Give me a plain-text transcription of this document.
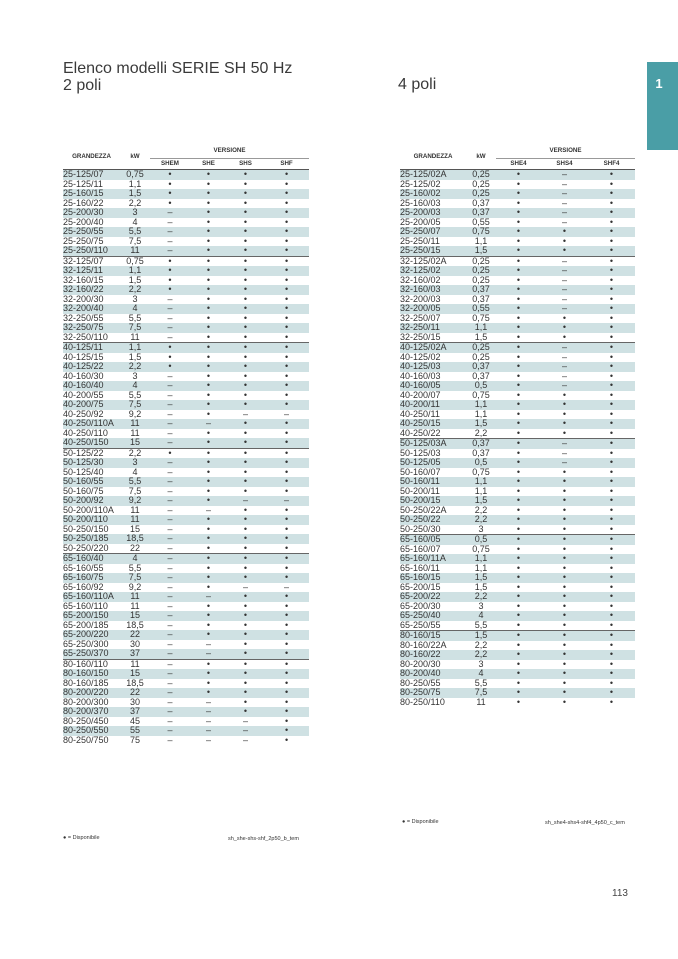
Elenco modelli SERIE SH 50 Hz
2 poli	4 poli	1
GRANDEZZA	kW	VERSIONE			
		SHEM	SHE	SHS	SHF
25-125/07	0,75	•	•	•	•
25-125/11	1,1	•	•	•	•
25-160/15	1,5	•	•	•	•
25-160/22	2,2	•	•	•	•
25-200/30	3	–	•	•	•
25-200/40	4	–	•	•	•
25-250/55	5,5	–	•	•	•
25-250/75	7,5	–	•	•	•
25-250/110	11	–	•	•	•
32-125/07	0,75	•	•	•	•
32-125/11	1,1	•	•	•	•
32-160/15	1,5	•	•	•	•
32-160/22	2,2	•	•	•	•
32-200/30	3	–	•	•	•
32-200/40	4	–	•	•	•
32-250/55	5,5	–	•	•	•
32-250/75	7,5	–	•	•	•
32-250/110	11	–	•	•	•
40-125/11	1,1	•	•	•	•
40-125/15	1,5	•	•	•	•
40-125/22	2,2	•	•	•	•
40-160/30	3	–	•	•	•
40-160/40	4	–	•	•	•
40-200/55	5,5	–	•	•	•
40-200/75	7,5	–	•	•	•
40-250/92	9,2	–	•	–	–
40-250/110A	11	–	–	•	•
40-250/110	11	–	•	•	•
40-250/150	15	–	•	•	•
50-125/22	2,2	•	•	•	•
50-125/30	3	–	•	•	•
50-125/40	4	–	•	•	•
50-160/55	5,5	–	•	•	•
50-160/75	7,5	–	•	•	•
50-200/92	9,2	–	•	–	–
50-200/110A	11	–	–	•	•
50-200/110	11	–	•	•	•
50-250/150	15	–	•	•	•
50-250/185	18,5	–	•	•	•
50-250/220	22	–	•	•	•
65-160/40	4	–	•	•	•
65-160/55	5,5	–	•	•	•
65-160/75	7,5	–	•	•	•
65-160/92	9,2	–	•	–	–
65-160/110A	11	–	–	•	•
65-160/110	11	–	•	•	•
65-200/150	15	–	•	•	•
65-200/185	18,5	–	•	•	•
65-200/220	22	–	•	•	•
65-250/300	30	–	–	•	•
65-250/370	37	–	–	•	•
80-160/110	11	–	•	•	•
80-160/150	15	–	•	•	•
80-160/185	18,5	–	•	•	•
80-200/220	22	–	•	•	•
80-200/300	30	–	–	•	•
80-200/370	37	–	–	•	•
80-250/450	45	–	–	–	•
80-250/550	55	–	–	–	•
80-250/750	75	–	–	–	•
● = Disponibile	sh_she-shs-shf_2p50_b_tem
GRANDEZZA	kW	VERSIONE		
		SHE4	SHS4	SHF4
25-125/02A	0,25	•	–	•
25-125/02	0,25	•	–	•
25-160/02	0,25	•	–	•
25-160/03	0,37	•	–	•
25-200/03	0,37	•	–	•
25-200/05	0,55	•	–	•
25-250/07	0,75	•	•	•
25-250/11	1,1	•	•	•
25-250/15	1,5	•	•	•
32-125/02A	0,25	•	–	•
32-125/02	0,25	•	–	•
32-160/02	0,25	•	–	•
32-160/03	0,37	•	–	•
32-200/03	0,37	•	–	•
32-200/05	0,55	•	–	•
32-250/07	0,75	•	•	•
32-250/11	1,1	•	•	•
32-250/15	1,5	•	•	•
40-125/02A	0,25	•	–	•
40-125/02	0,25	•	–	•
40-125/03	0,37	•	–	•
40-160/03	0,37	•	–	•
40-160/05	0,5	•	–	•
40-200/07	0,75	•	•	•
40-200/11	1,1	•	•	•
40-250/11	1,1	•	•	•
40-250/15	1,5	•	•	•
40-250/22	2,2	•	•	•
50-125/03A	0,37	•	–	•
50-125/03	0,37	•	–	•
50-125/05	0,5	•	–	•
50-160/07	0,75	•	•	•
50-160/11	1,1	•	•	•
50-200/11	1,1	•	•	•
50-200/15	1,5	•	•	•
50-250/22A	2,2	•	•	•
50-250/22	2,2	•	•	•
50-250/30	3	•	•	•
65-160/05	0,5	•	•	•
65-160/07	0,75	•	•	•
65-160/11A	1,1	•	•	•
65-160/11	1,1	•	•	•
65-160/15	1,5	•	•	•
65-200/15	1,5	•	•	•
65-200/22	2,2	•	•	•
65-200/30	3	•	•	•
65-250/40	4	•	•	•
65-250/55	5,5	•	•	•
80-160/15	1,5	•	•	•
80-160/22A	2,2	•	•	•
80-160/22	2,2	•	•	•
80-200/30	3	•	•	•
80-200/40	4	•	•	•
80-250/55	5,5	•	•	•
80-250/75	7,5	•	•	•
80-250/110	11	•	•	•
● = Disponibile	sh_she4-shs4-shf4_4p50_c_tem
113
